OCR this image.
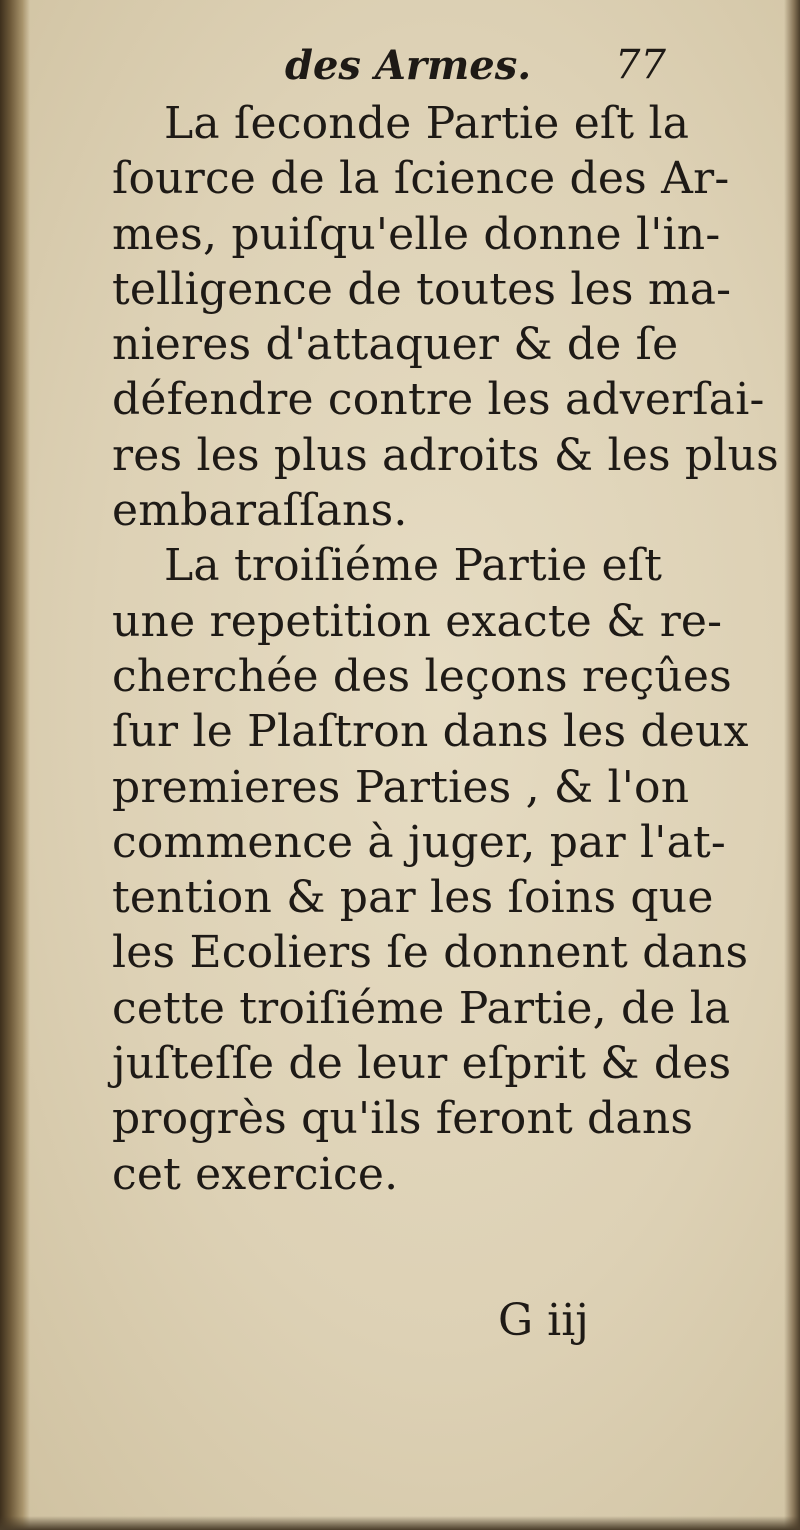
des Armes. 77
La ſeconde Partie eſt la
ſource de la ſcience des Ar-
mes, puiſqu'elle donne l'in-
telligence de toutes les ma-
nieres d'attaquer & de ſe
défendre contre les adverſai-
res les plus adroits & les plus
embaraſſans.
La troiſiéme Partie eſt
une repetition exacte & re-
cherchée des leçons reçûes
ſur le Plaſtron dans les deux
premieres Parties , & l'on
commence à juger, par l'at-
tention & par les ſoins que
les Ecoliers ſe donnent dans
cette troiſiéme Partie, de la
juſteſſe de leur eſprit & des
progrès qu'ils feront dans
cet exercice.
G iij
